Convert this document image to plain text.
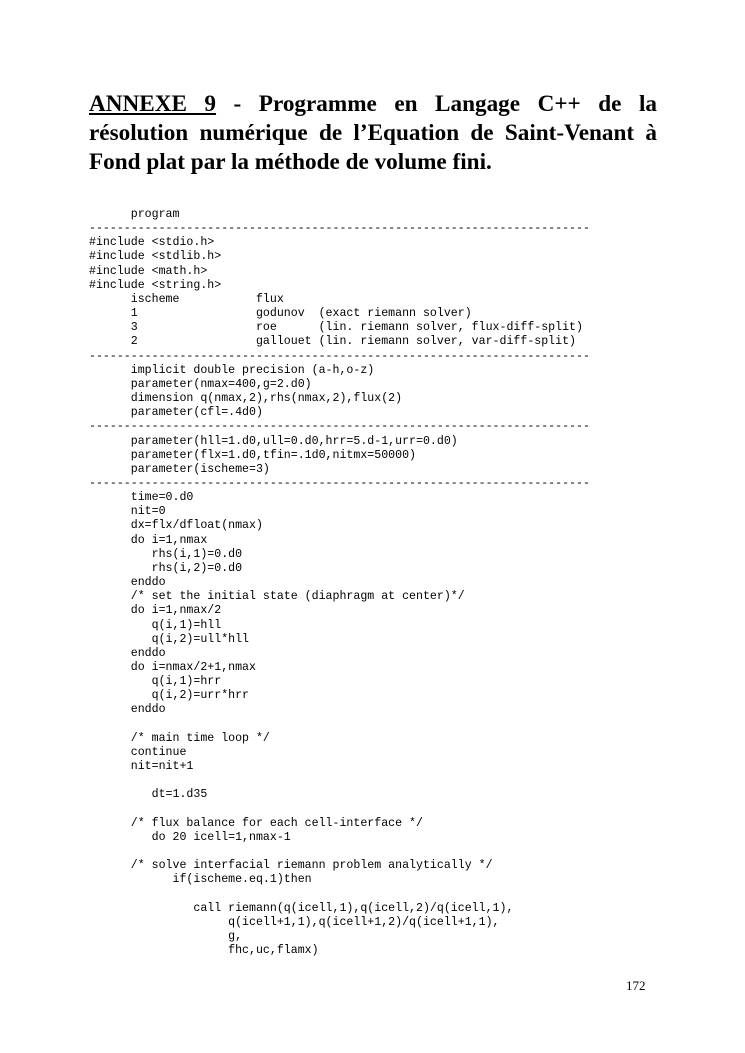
ANNEXE 9 - Programme en Langage C++ de la résolution numérique de l’Equation de Saint-Venant à Fond plat par la méthode de volume fini.
program
------------------------------------------------------------------------
#include <stdio.h>
#include <stdlib.h>
#include <math.h>
#include <string.h>
ischeme           flux
1                 godunov  (exact riemann solver)
3                 roe      (lin. riemann solver, flux-diff-split)
2                 gallouet (lin. riemann solver, var-diff-split)
------------------------------------------------------------------------
implicit double precision (a-h,o-z)
parameter(nmax=400,g=2.d0)
dimension q(nmax,2),rhs(nmax,2),flux(2)
parameter(cfl=.4d0)
------------------------------------------------------------------------
parameter(hll=1.d0,ull=0.d0,hrr=5.d-1,urr=0.d0)
parameter(flx=1.d0,tfin=.1d0,nitmx=50000)
parameter(ischeme=3)
------------------------------------------------------------------------
time=0.d0
nit=0
dx=flx/dfloat(nmax)
do i=1,nmax
rhs(i,1)=0.d0
rhs(i,2)=0.d0
enddo
/* set the initial state (diaphragm at center)*/
do i=1,nmax/2
q(i,1)=hll
q(i,2)=ull*hll
enddo
do i=nmax/2+1,nmax
q(i,1)=hrr
q(i,2)=urr*hrr
enddo
/* main time loop */
continue
nit=nit+1
dt=1.d35
/* flux balance for each cell-interface */
do 20 icell=1,nmax-1
/* solve interfacial riemann problem analytically */
if(ischeme.eq.1)then
call riemann(q(icell,1),q(icell,2)/q(icell,1),
q(icell+1,1),q(icell+1,2)/q(icell+1,1),
g,
fhc,uc,flamx)
172
